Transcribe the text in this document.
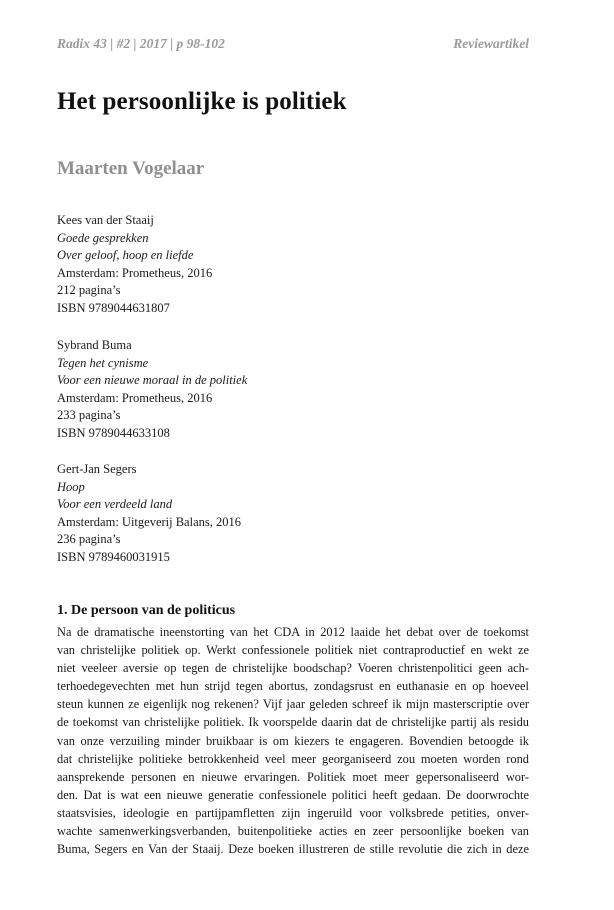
Radix 43 | #2 | 2017 | p 98-102	Reviewartikel
Het persoonlijke is politiek
Maarten Vogelaar
Kees van der Staaij
Goede gesprekken
Over geloof, hoop en liefde
Amsterdam: Prometheus, 2016
212 pagina’s
ISBN 9789044631807
Sybrand Buma
Tegen het cynisme
Voor een nieuwe moraal in de politiek
Amsterdam: Prometheus, 2016
233 pagina’s
ISBN 9789044633108
Gert-Jan Segers
Hoop
Voor een verdeeld land
Amsterdam: Uitgeverij Balans, 2016
236 pagina’s
ISBN 9789460031915
1. De persoon van de politicus
Na de dramatische ineenstorting van het CDA in 2012 laaide het debat over de toekomst
van christelijke politiek op. Werkt confessionele politiek niet contraproductief en wekt ze
niet veeleer aversie op tegen de christelijke boodschap? Voeren christenpolitici geen ach-
terhoedegevechten met hun strijd tegen abortus, zondagsrust en euthanasie en op hoeveel
steun kunnen ze eigenlijk nog rekenen? Vijf jaar geleden schreef ik mijn masterscriptie over
de toekomst van christelijke politiek. Ik voorspelde daarin dat de christelijke partij als residu
van onze verzuiling minder bruikbaar is om kiezers te engageren. Bovendien betoogde ik
dat christelijke politieke betrokkenheid veel meer georganiseerd zou moeten worden rond
aansprekende personen en nieuwe ervaringen. Politiek moet meer gepersonaliseerd wor-
den. Dat is wat een nieuwe generatie confessionele politici heeft gedaan. De doorwrochte
staatsvisies, ideologie en partijpamfletten zijn ingeruild voor volksbrede petities, onver-
wachte samenwerkingsverbanden, buitenpolitieke acties en zeer persoonlijke boeken van
Buma, Segers en Van der Staaij. Deze boeken illustreren de stille revolutie die zich in deze
